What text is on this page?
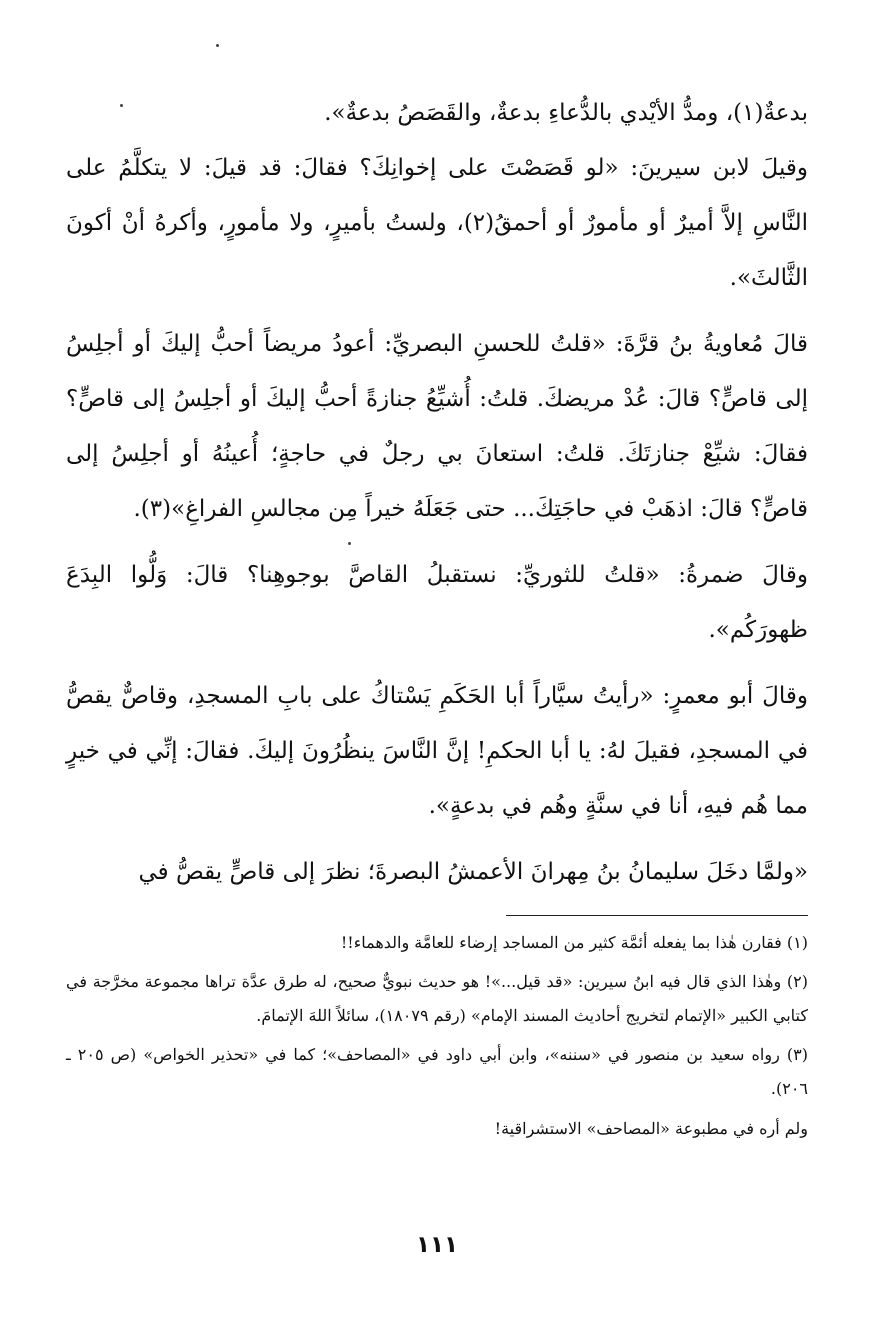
بدعةٌ(١)، ومدُّ الأيْدي بالدُّعاءِ بدعةٌ، والقَصَصُ بدعةٌ».

وقيلَ لابن سيرينَ: «لو قَصَصْتَ على إخوانِكَ؟ فقالَ: قد قيلَ: لا يتكلَّمُ على النَّاسِ إلاَّ أميرٌ أو مأمورٌ أو أحمقُ(٢)، ولستُ بأميرٍ، ولا مأمورٍ، وأكرهُ أنْ أكونَ الثَّالثَ».

قالَ مُعاويةُ بنُ قرَّةَ: «قلتُ للحسنِ البصريِّ: أعودُ مريضاً أحبُّ إليكَ أو أجلِسُ إلى قاصٍّ؟ قالَ: عُدْ مريضكَ. قلتُ: أُشيِّعُ جنازةً أحبُّ إليكَ أو أجلِسُ إلى قاصٍّ؟ فقالَ: شيِّعْ جنازتَكَ. قلتُ: استعانَ بي رجلٌ في حاجةٍ؛ أُعينُهُ أو أجلِسُ إلى قاصٍّ؟ قالَ: اذهَبْ في حاجَتِكَ... حتى جَعَلَهُ خيراً مِن مجالسِ الفراغِ»(٣).

وقالَ ضمرةُ: «قلتُ للثوريِّ: نستقبلُ القاصَّ بوجوهِنا؟ قالَ: وَلُّوا البِدَعَ ظهورَكُم».

وقالَ أبو معمرٍ: «رأيتُ سيَّاراً أبا الحَكَمِ يَسْتاكُ على بابِ المسجدِ، وقاصٌّ يقصُّ في المسجدِ، فقيلَ لهُ: يا أبا الحكمِ! إنَّ النَّاسَ ينظُرُونَ إليكَ. فقالَ: إنِّي في خيرٍ مما هُم فيهِ، أنا في سنَّةٍ وهُم في بدعةٍ».

«ولمَّا دخَلَ سليمانُ بنُ مِهرانَ الأعمشُ البصرةَ؛ نظرَ إلى قاصٍّ يقصُّ في

(١) فقارن هٰذا بما يفعله أئمَّة كثير من المساجد إرضاء للعامَّة والدهماء!!

(٢) وهٰذا الذي قال فيه ابنُ سيرين: «قد قيل...»! هو حديث نبويٌّ صحيح، له طرق عدَّة تراها مجموعة مخرَّجة في كتابي الكبير «الإتمام لتخريج أحاديث المسند الإمام» (رقم ١٨٠٧٩)، سائلاً اللهَ الإتمامَ.

(٣) رواه سعيد بن منصور في «سننه»، وابن أبي داود في «المصاحف»؛ كما في «تحذير الخواص» (ص ٢٠٥ ـ ٢٠٦).

ولم أره في مطبوعة «المصاحف» الاستشراقية!

١١١
